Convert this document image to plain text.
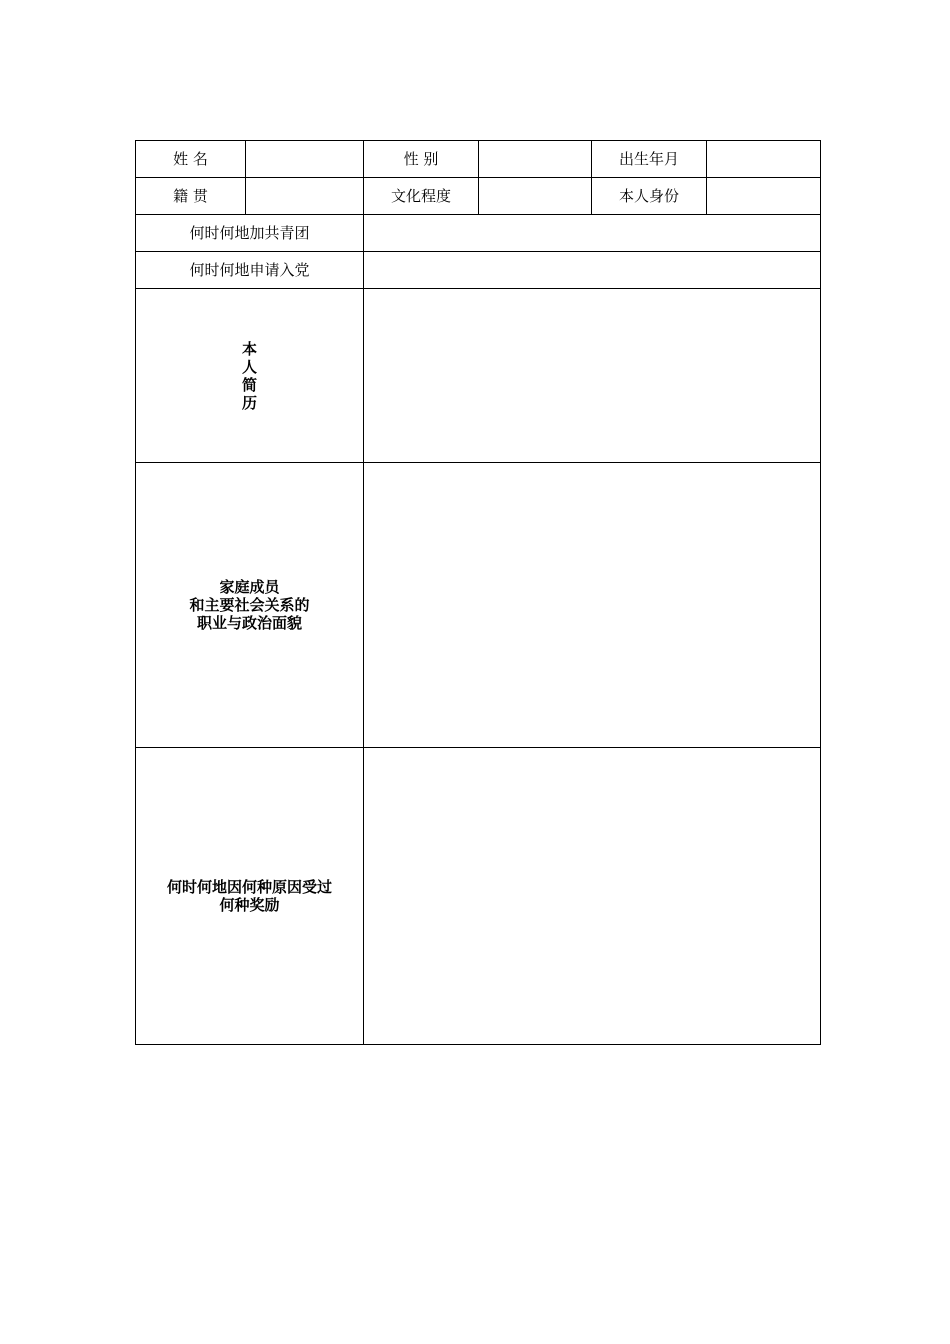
姓 名		性 别		出生年月	
籍 贯		文化程度		本人身份	
何时何地加共青团					
何时何地申请入党					
本人简历					

家庭成员
和主要社会关系的
职业与政治面貌					

何时何地因何种原因受过
何种奖励					
